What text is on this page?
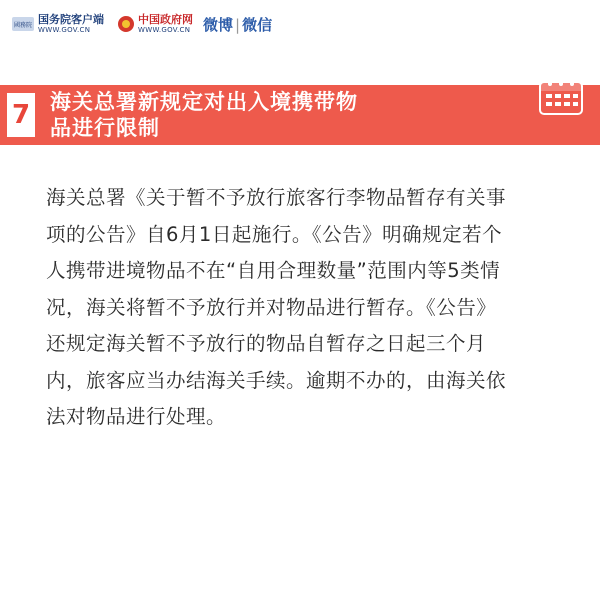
國務院 国务院客户端
WWW.GOV.CN
中国政府网
WWW.GOV.CN 微博 | 微信
7 海关总署新规定对出入境携带物
品进行限制
海关总署《关于暂不予放行旅客行李物品暂存有关事
项的公告》自6月1日起施行。《公告》明确规定若个
人携带进境物品不在“自用合理数量”范围内等5类情
况，海关将暂不予放行并对物品进行暂存。《公告》
还规定海关暂不予放行的物品自暂存之日起三个月
内，旅客应当办结海关手续。逾期不办的，由海关依
法对物品进行处理。
